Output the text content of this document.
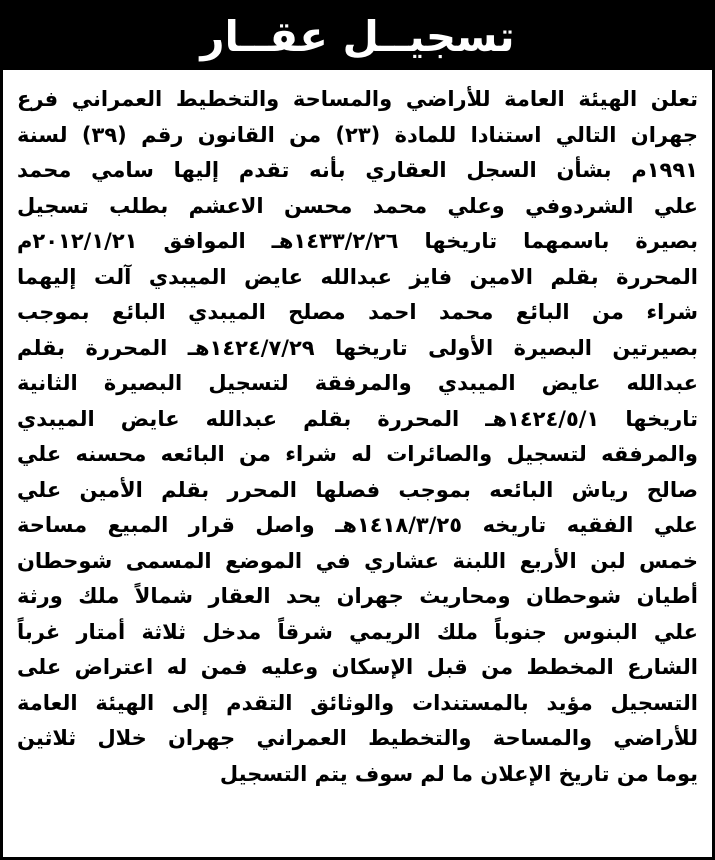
تسجيــل عقــار
تعلن الهيئة العامة للأراضي والمساحة والتخطيط العمراني فرع
جهران التالي استنادا للمادة (٢٣) من القانون رقم (٣٩) لسنة
١٩٩١م بشأن السجل العقاري بأنه تقدم إليها سامي محمد
علي الشردوفي وعلي محمد محسن الاعشم بطلب تسجيل
بصيرة باسمهما تاريخها ١٤٣٣/٢/٢٦هـ الموافق ٢٠١٢/١/٢١م
المحررة بقلم الامين فايز عبدالله عايض الميبدي آلت إليهما
شراء من البائع محمد احمد مصلح الميبدي البائع بموجب
بصيرتين البصيرة الأولى تاريخها ١٤٢٤/٧/٢٩هـ المحررة بقلم
عبدالله عايض الميبدي والمرفقة لتسجيل البصيرة الثانية
تاريخها ١٤٢٤/٥/١هـ المحررة بقلم عبدالله عايض الميبدي
والمرفقه لتسجيل والصائرات له شراء من البائعه محسنه علي
صالح رياش البائعه بموجب فصلها المحرر بقلم الأمين علي
علي الفقيه تاريخه ١٤١٨/٣/٢٥هـ واصل قرار المبيع مساحة
خمس لبن الأربع اللبنة عشاري في الموضع المسمى شوحطان
أطيان شوحطان ومحاريث جهران يحد العقار شمالاً ملك ورثة
علي البنوس جنوباً ملك الريمي شرقاً مدخل ثلاثة أمتار غرباً
الشارع المخطط من قبل الإسكان وعليه فمن له اعتراض على
التسجيل مؤيد بالمستندات والوثائق التقدم إلى الهيئة العامة
للأراضي والمساحة والتخطيط العمراني جهران خلال ثلاثين
يوما من تاريخ الإعلان ما لم سوف يتم التسجيل
